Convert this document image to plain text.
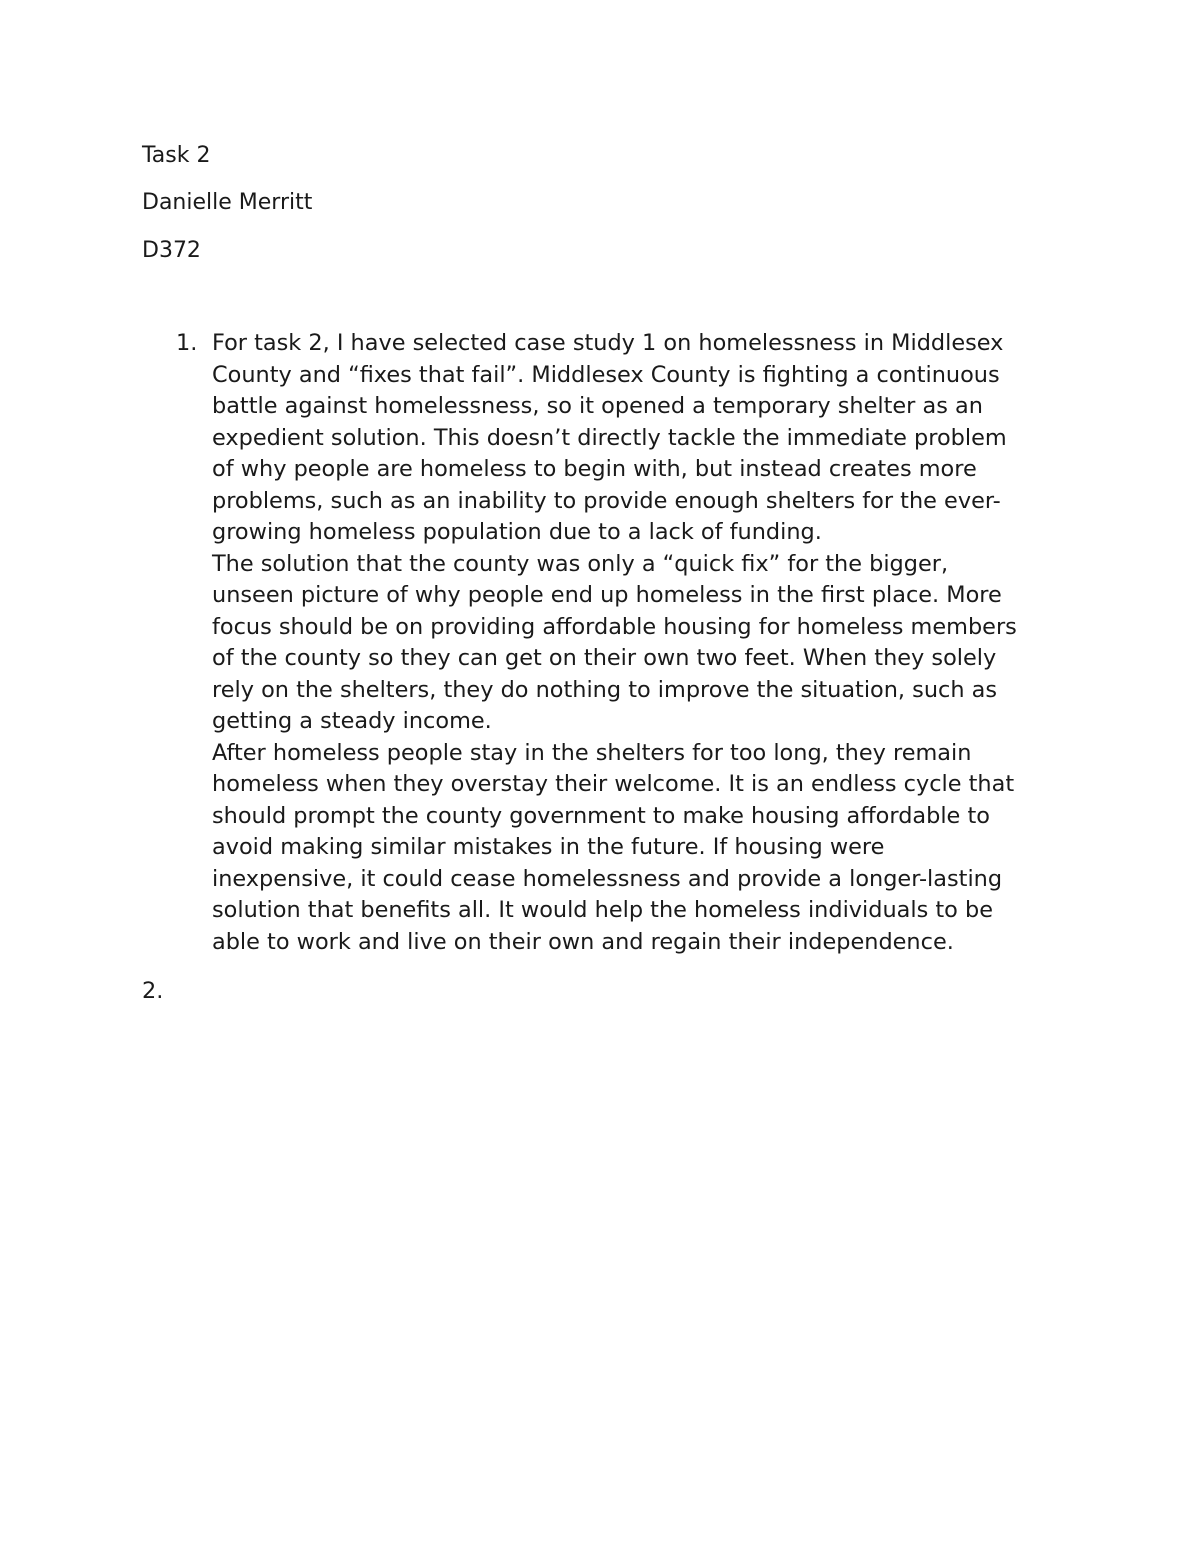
Task 2
Danielle Merritt
D372
1. For task 2, I have selected case study 1 on homelessness in Middlesex
County and “fixes that fail”. Middlesex County is fighting a continuous
battle against homelessness, so it opened a temporary shelter as an
expedient solution. This doesn’t directly tackle the immediate problem
of why people are homeless to begin with, but instead creates more
problems, such as an inability to provide enough shelters for the ever-
growing homeless population due to a lack of funding.

The solution that the county was only a “quick fix” for the bigger,
unseen picture of why people end up homeless in the first place. More
focus should be on providing affordable housing for homeless members
of the county so they can get on their own two feet. When they solely
rely on the shelters, they do nothing to improve the situation, such as
getting a steady income.

After homeless people stay in the shelters for too long, they remain
homeless when they overstay their welcome. It is an endless cycle that
should prompt the county government to make housing affordable to
avoid making similar mistakes in the future. If housing were
inexpensive, it could cease homelessness and provide a longer-lasting
solution that benefits all. It would help the homeless individuals to be
able to work and live on their own and regain their independence.

2.
